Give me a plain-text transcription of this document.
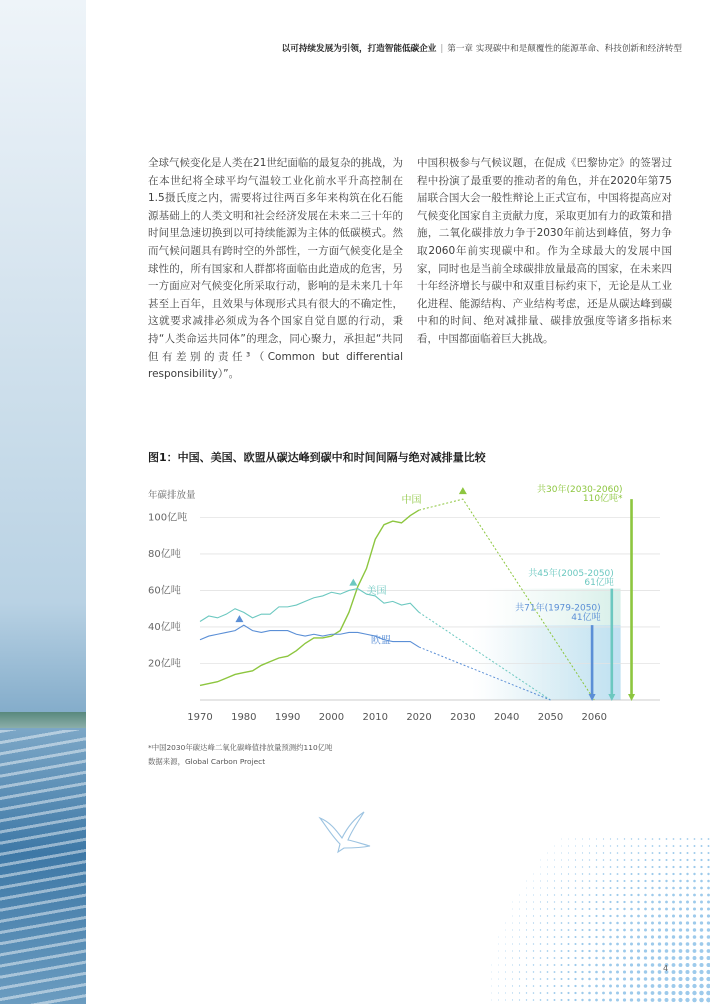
以可持续发展为引领，打造智能低碳企业 | 第一章 实现碳中和是颠覆性的能源革命、科技创新和经济转型
全球气候变化是人类在21世纪面临的最复杂的挑战，为在本世纪将全球平均气温较工业化前水平升高控制在1.5摄氏度之内，需要将过往两百多年来构筑在化石能源基础上的人类文明和社会经济发展在未来二三十年的时间里急速切换到以可持续能源为主体的低碳模式。然而气候问题具有跨时空的外部性，一方面气候变化是全球性的，所有国家和人群都将面临由此造成的危害，另一方面应对气候变化所采取行动，影响的是未来几十年甚至上百年，且效果与体现形式具有很大的不确定性，这就要求减排必须成为各个国家自觉自愿的行动，秉持“人类命运共同体”的理念，同心聚力，承担起“共同但有差别的责任³（Common but differential responsibility）”。
中国积极参与气候议题，在促成《巴黎协定》的签署过程中扮演了最重要的推动者的角色，并在2020年第75届联合国大会一般性辩论上正式宣布，中国将提高应对气候变化国家自主贡献力度，采取更加有力的政策和措施，二氧化碳排放力争于2030年前达到峰值，努力争取2060年前实现碳中和。作为全球最大的发展中国家，同时也是当前全球碳排放量最高的国家，在未来四十年经济增长与碳中和双重目标约束下，无论是从工业化进程、能源结构、产业结构考虑，还是从碳达峰到碳中和的时间、绝对减排量、碳排放强度等诸多指标来看，中国都面临着巨大挑战。
图1：中国、美国、欧盟从碳达峰到碳中和时间间隔与绝对减排量比较
100亿吨
80亿吨
60亿吨
40亿吨
20亿吨
年碳排放量
1970 1980 1990 2000 2010 2020 2030 2040 2050 2060
中国
美国
欧盟
共30年(2030-2060)
110亿吨*
共45年(2005-2050)
61亿吨
共71年(1979-2050)
41亿吨
*中国2030年碳达峰二氧化碳峰值排放量预测约110亿吨
数据来源，Global Carbon Project
4
